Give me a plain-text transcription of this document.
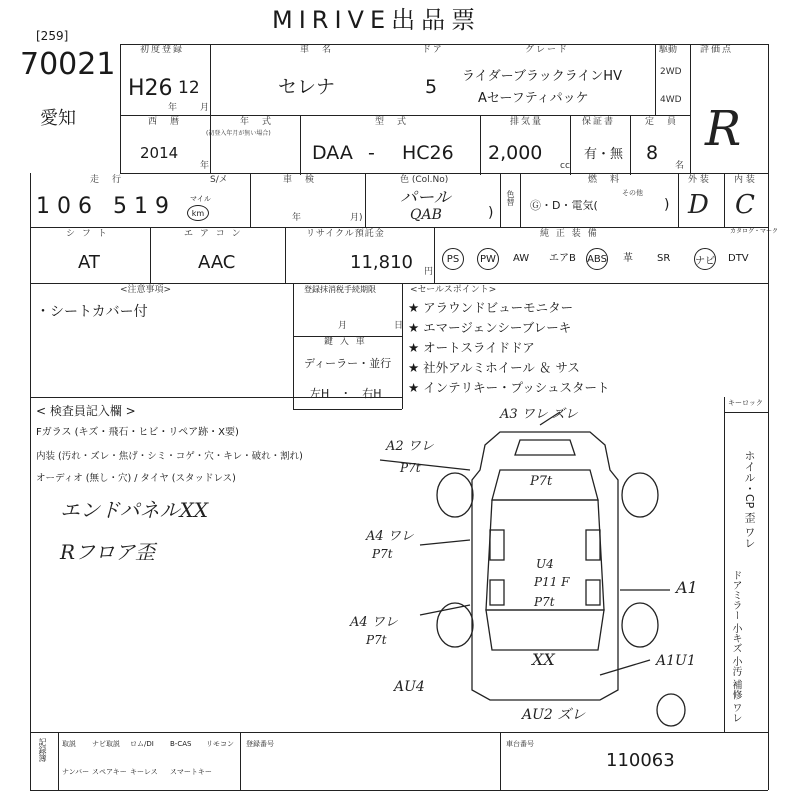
MIRIVE出品票
[259]
70021
愛知
初度登録
H26 12
年 月
車　名
セレナ
ドア
5
グレード
ライダーブラックラインHV
Aセーフティパッケ
駆動
2WD
4WD
評価点
R
西　暦
2014
年
年　式
(初登入年月が無い場合)
型　式
DAA - HC26
排気量
2,000
cc
保証書
有・無
定　員
8
名
走　行
106 519 マイル
km
S/メ	車　検
年	月)
色 (Col.No)
パール
QAB	)
色替
燃　料
Ⓖ・D・電気(
その他
)
外 装
D
内 装
C
シ フ ト
AT
エ ア コ ン
AAC
リサイクル預託金
11,810 円
純 正 装 備	カタログ・マーク
PS	PW	AW エアB ABS 革 SR ナビ DTV
<注意事項>
・シートカバー付
登録抹消税手続期限
月	日
鍵 入 車
ディーラー・並行
左H　・　右H
<セールスポイント>
★ アラウンドビューモニター
★ エマージェンシーブレーキ
★ オートスライドドア
★ 社外アルミホイール ＆ サス
★ インテリキー・プッシュスタート
< 検査員記入欄 >
Fガラス (キズ・飛石・ヒビ・リペア跡・X要)
内装 (汚れ・ズレ・焦げ・シミ・コゲ・穴・キレ・破れ・割れ)
オーディオ (無し・穴) / タイヤ (スタッドレス)
エンドパネルXX
Rフロア歪
A3 ワレ ズレ
A2 ワレ
P7t
P7t
A4 ワレ
P7t
U4
P11 F
P7t
A4 ワレ
P7t
A1
XX
AU4
A1U1
AU2 ズレ
キーロック
ホイル・CP 歪 ワレ
ドアミラー 小キズ 小汚 補修 ワレ
記録簿 取説 ナビ取説 ロム/DI B-CAS リモコン 登録番号	車台番号
ナンバー スペアキー キーレス スマートキー
110063
